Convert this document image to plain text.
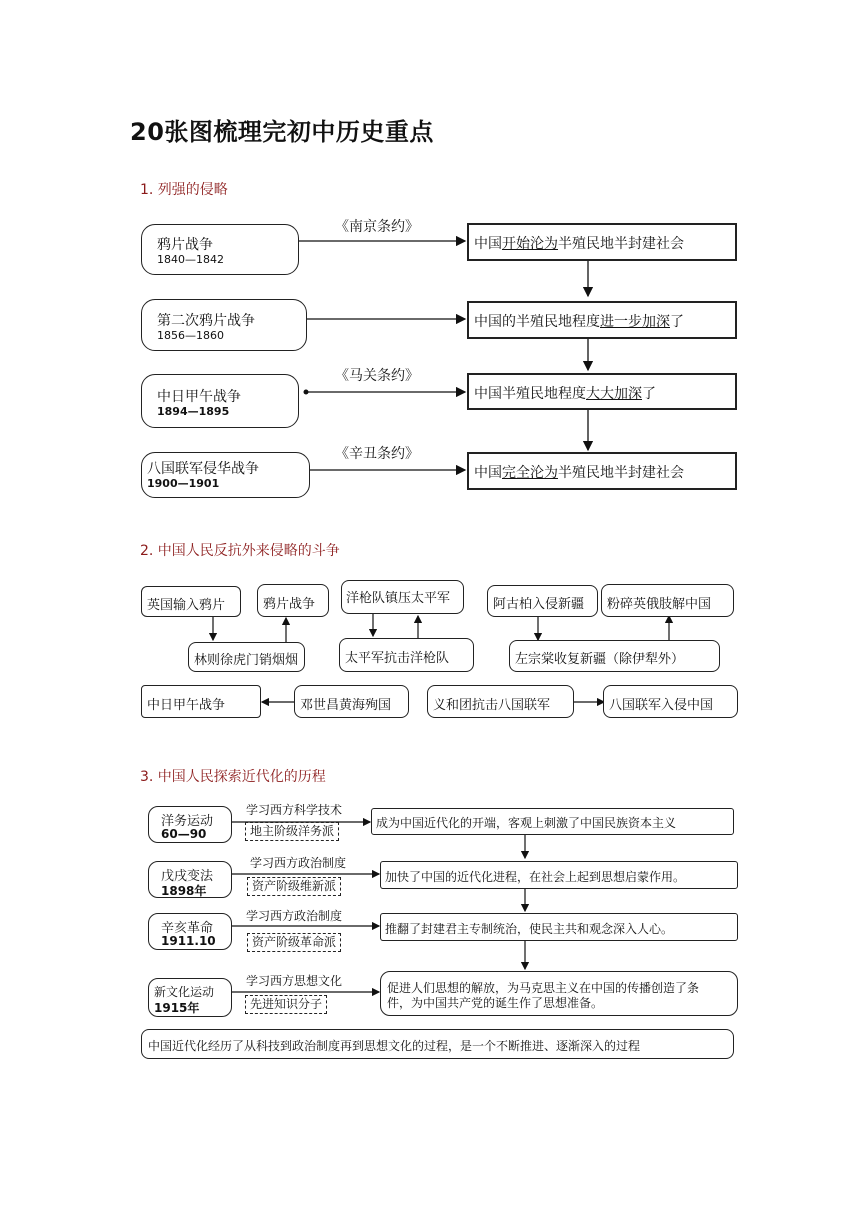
20张图梳理完初中历史重点
1. 列强的侵略
鸦片战争
1840—1842
第二次鸦片战争
1856—1860
中日甲午战争
1894—1895
八国联军侵华战争
1900—1901
《南京条约》
《马关条约》
《辛丑条约》
中国开始沦为半殖民地半封建社会
中国的半殖民地程度进一步加深了
中国半殖民地程度大大加深了
中国完全沦为半殖民地半封建社会
2. 中国人民反抗外来侵略的斗争
英国输入鸦片	鸦片战争
林则徐虎门销烟烟
洋枪队镇压太平军
太平军抗击洋枪队
阿古柏入侵新疆 粉碎英俄肢解中国
左宗棠收复新疆（除伊犁外）
中日甲午战争	邓世昌黄海殉国	义和团抗击八国联军	八国联军入侵中国
3. 中国人民探索近代化的历程
洋务运动
60—90
学习西方科学技术
地主阶级洋务派
成为中国近代化的开端，客观上刺激了中国民族资本主义
戊戌变法
1898年
学习西方政治制度
资产阶级维新派
加快了中国的近代化进程，在社会上起到思想启蒙作用。
辛亥革命
1911.10
学习西方政治制度
资产阶级革命派
推翻了封建君主专制统治，使民主共和观念深入人心。
新文化运动
1915年
学习西方思想文化
先进知识分子
促进人们思想的解放，为马克思主义在中国的传播创造了条
件，为中国共产党的诞生作了思想准备。
中国近代化经历了从科技到政治制度再到思想文化的过程，是一个不断推进、逐渐深入的过程
